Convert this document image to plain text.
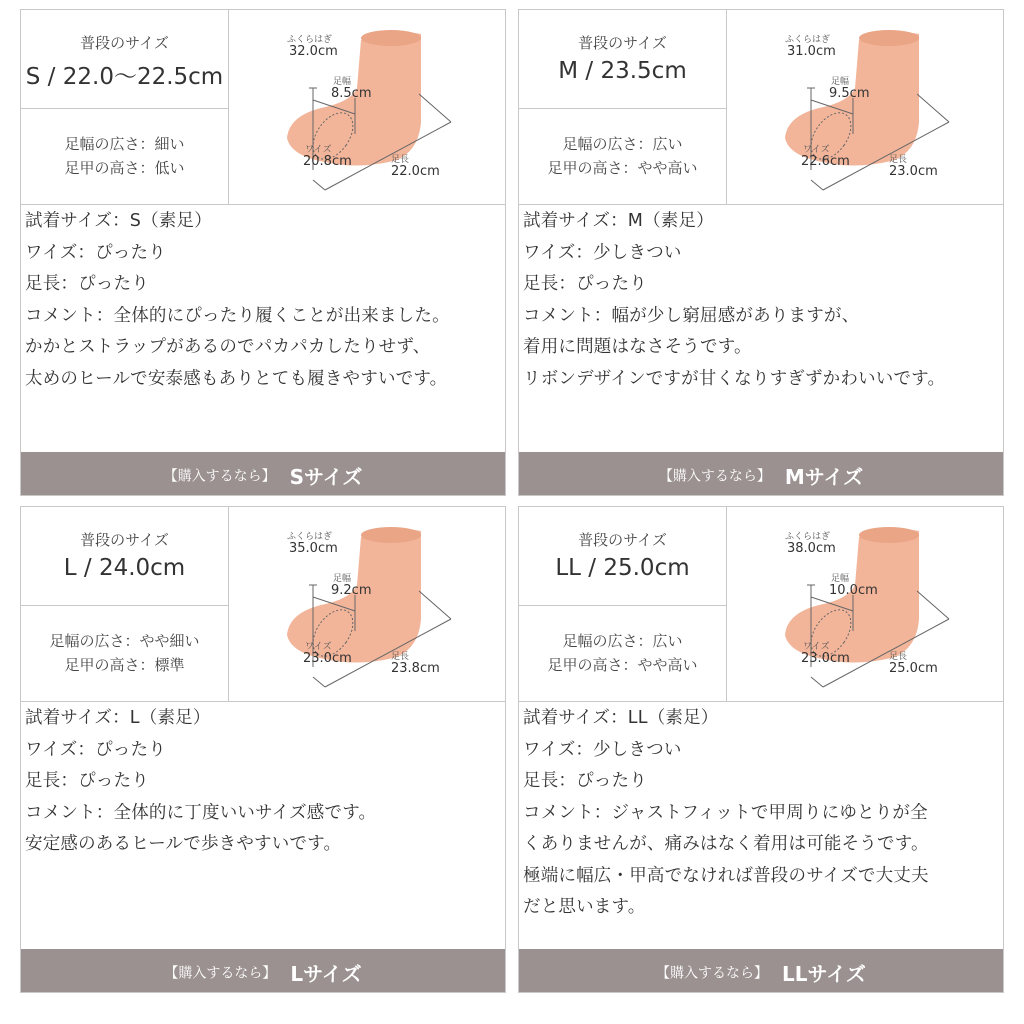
普段のサイズ
S / 22.0〜22.5cm
足幅の広さ：細い
足甲の高さ：低い
ふくらはぎ
32.0cm
足幅
8.5cm
ワイズ
20.8cm	足長
22.0cm
試着サイズ：S（素足）
ワイズ：ぴったり
足長：ぴったり
コメント：全体的にぴったり履くことが出来ました。
かかとストラップがあるのでパカパカしたりせず、
太めのヒールで安泰感もありとても履きやすいです。
【購入するなら】 Sサイズ
普段のサイズ
M / 23.5cm
足幅の広さ：広い
足甲の高さ：やや高い
ふくらはぎ
31.0cm
足幅
9.5cm
ワイズ
22.6cm	足長
23.0cm
試着サイズ：M（素足）
ワイズ：少しきつい
足長：ぴったり
コメント：幅が少し窮屈感がありますが、
着用に問題はなさそうです。
リボンデザインですが甘くなりすぎずかわいいです。
【購入するなら】 Mサイズ
普段のサイズ
L / 24.0cm
足幅の広さ：やや細い
足甲の高さ：標準
ふくらはぎ
35.0cm
足幅
9.2cm
ワイズ
23.0cm	足長
23.8cm
試着サイズ：L（素足）
ワイズ：ぴったり
足長：ぴったり
コメント：全体的に丁度いいサイズ感です。
安定感のあるヒールで歩きやすいです。
【購入するなら】 Lサイズ
普段のサイズ
LL / 25.0cm
足幅の広さ：広い
足甲の高さ：やや高い
ふくらはぎ
38.0cm
足幅
10.0cm
ワイズ
23.0cm	足長
25.0cm
試着サイズ：LL（素足）
ワイズ：少しきつい
足長：ぴったり
コメント：ジャストフィットで甲周りにゆとりが全
くありませんが、痛みはなく着用は可能そうです。
極端に幅広・甲高でなければ普段のサイズで大丈夫
だと思います。
【購入するなら】 LLサイズ
